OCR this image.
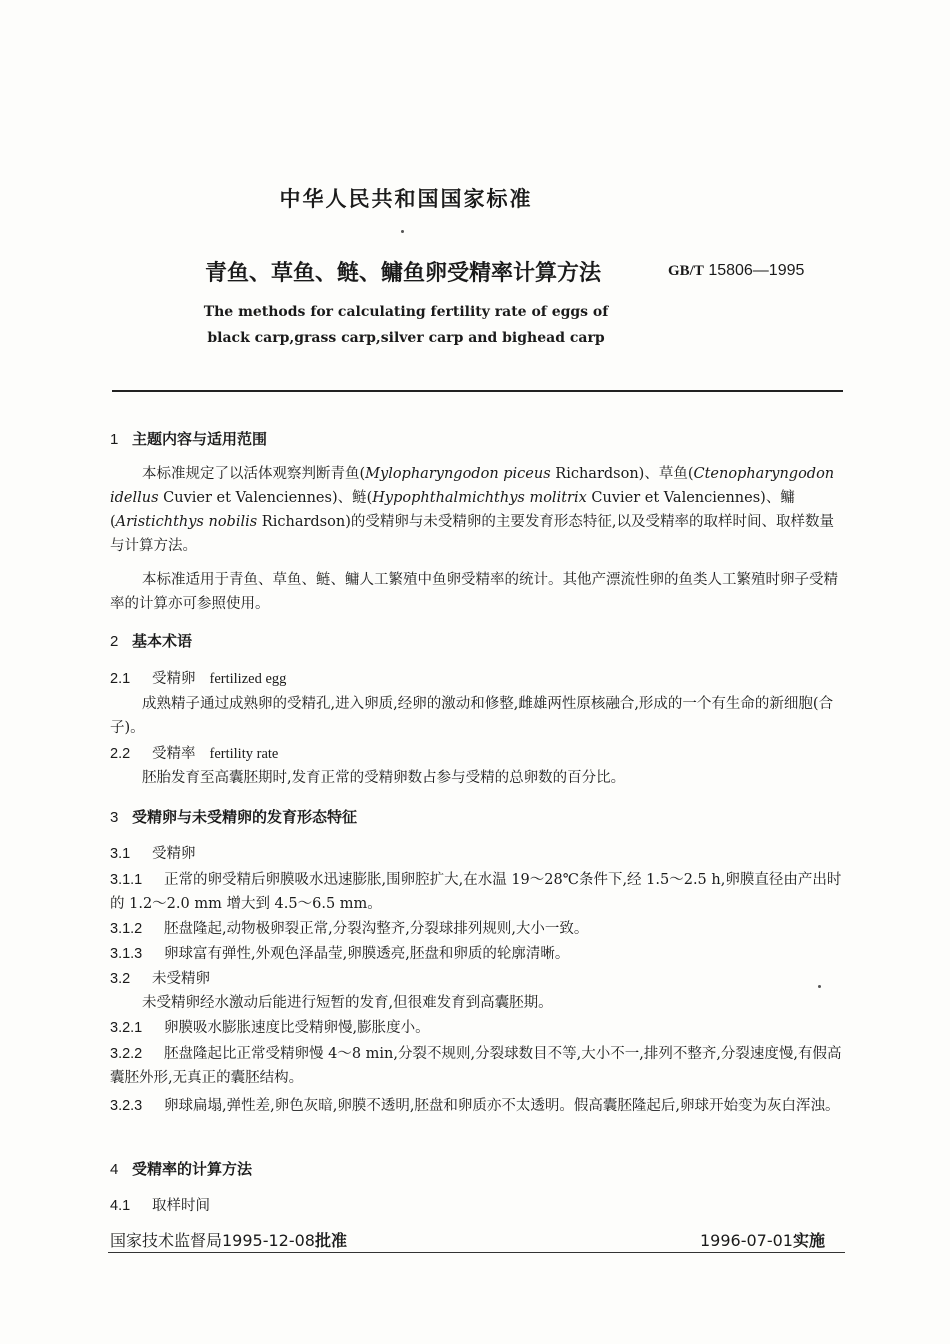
中华人民共和国国家标准
青鱼、草鱼、鲢、鳙鱼卵受精率计算方法	GB/T 15806—1995
The methods for calculating fertility rate of eggs of
black carp,grass carp,silver carp and bighead carp
1 主题内容与适用范围
本标准规定了以活体观察判断青鱼(Mylopharyngodon piceus Richardson)、草鱼(Ctenopharyngodon idellus Cuvier et Valenciennes)、鲢(Hypophthalmichthys molitrix Cuvier et Valenciennes)、鳙(Aristichthys nobilis Richardson)的受精卵与未受精卵的主要发育形态特征,以及受精率的取样时间、取样数量与计算方法。
本标准适用于青鱼、草鱼、鲢、鳙人工繁殖中鱼卵受精率的统计。其他产漂流性卵的鱼类人工繁殖时卵子受精率的计算亦可参照使用。
2 基本术语
2.1 受精卵 fertilized egg
成熟精子通过成熟卵的受精孔,进入卵质,经卵的激动和修整,雌雄两性原核融合,形成的一个有生命的新细胞(合子)。
2.2 受精率 fertility rate
胚胎发育至高囊胚期时,发育正常的受精卵数占参与受精的总卵数的百分比。
3 受精卵与未受精卵的发育形态特征
3.1 受精卵
3.1.1 正常的卵受精后卵膜吸水迅速膨胀,围卵腔扩大,在水温 19～28℃条件下,经 1.5～2.5 h,卵膜直径由产出时的 1.2～2.0 mm 增大到 4.5～6.5 mm。
3.1.2 胚盘隆起,动物极卵裂正常,分裂沟整齐,分裂球排列规则,大小一致。
3.1.3 卵球富有弹性,外观色泽晶莹,卵膜透亮,胚盘和卵质的轮廓清晰。
3.2 未受精卵
未受精卵经水激动后能进行短暂的发育,但很难发育到高囊胚期。
3.2.1 卵膜吸水膨胀速度比受精卵慢,膨胀度小。
3.2.2 胚盘隆起比正常受精卵慢 4～8 min,分裂不规则,分裂球数目不等,大小不一,排列不整齐,分裂速度慢,有假高囊胚外形,无真正的囊胚结构。
3.2.3 卵球扁塌,弹性差,卵色灰暗,卵膜不透明,胚盘和卵质亦不太透明。假高囊胚隆起后,卵球开始变为灰白浑浊。
4 受精率的计算方法
4.1 取样时间
国家技术监督局1995-12-08批准	1996-07-01实施
